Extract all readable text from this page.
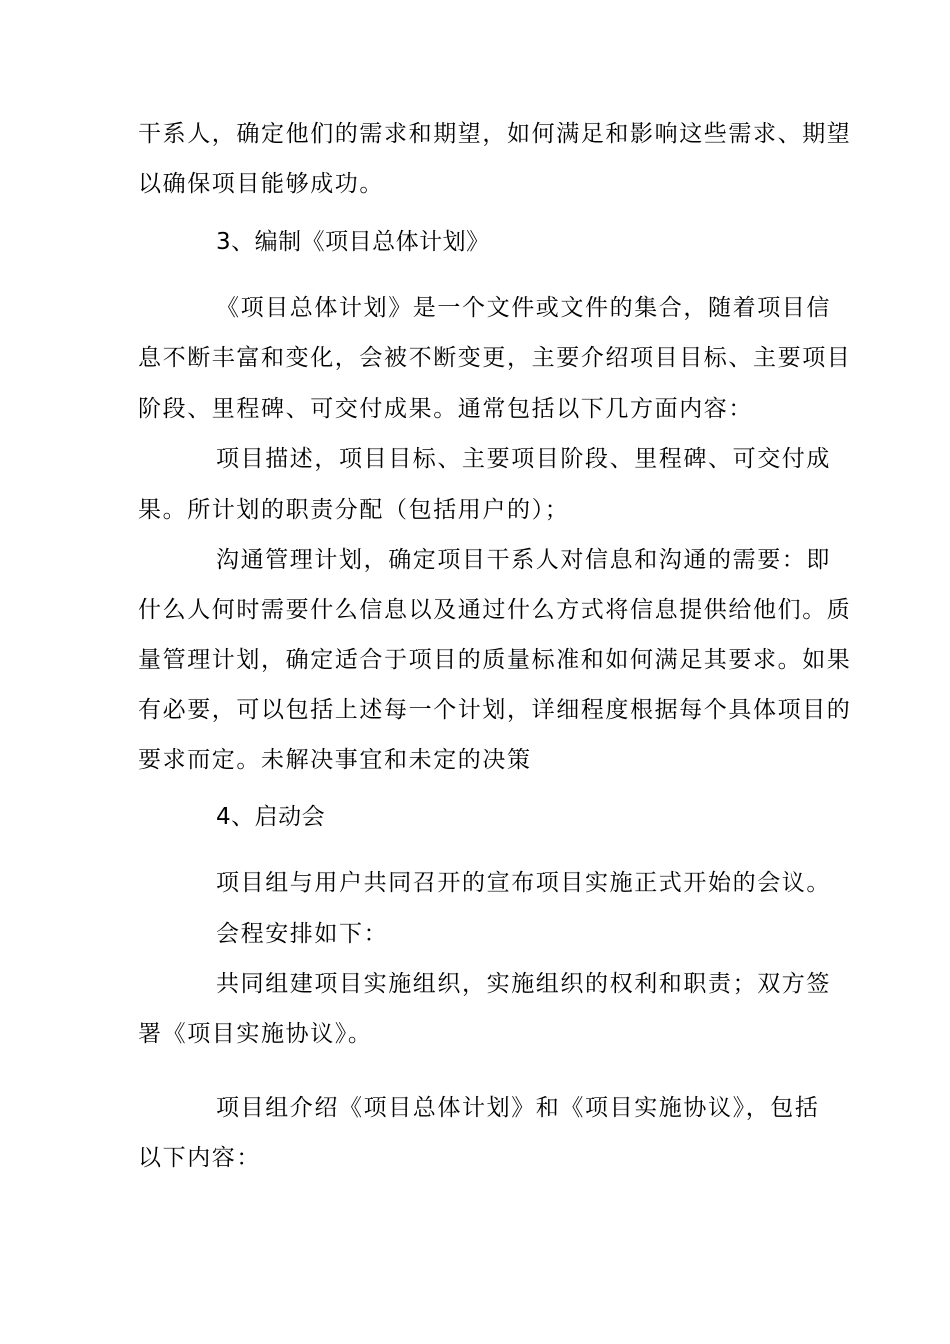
干系人，确定他们的需求和期望，如何满足和影响这些需求、期望

以确保项目能够成功。

3、编制《项目总体计划》

《项目总体计划》是一个文件或文件的集合，随着项目信

息不断丰富和变化，会被不断变更，主要介绍项目目标、主要项目

阶段、里程碑、可交付成果。通常包括以下几方面内容：

项目描述，项目目标、主要项目阶段、里程碑、可交付成

果。所计划的职责分配（包括用户的）；

沟通管理计划，确定项目干系人对信息和沟通的需要：即

什么人何时需要什么信息以及通过什么方式将信息提供给他们。质

量管理计划，确定适合于项目的质量标准和如何满足其要求。如果

有必要，可以包括上述每一个计划，详细程度根据每个具体项目的

要求而定。未解决事宜和未定的决策

4、启动会

项目组与用户共同召开的宣布项目实施正式开始的会议。

会程安排如下：

共同组建项目实施组织，实施组织的权利和职责；双方签

署《项目实施协议》。

项目组介绍《项目总体计划》和《项目实施协议》，包括

以下内容：
